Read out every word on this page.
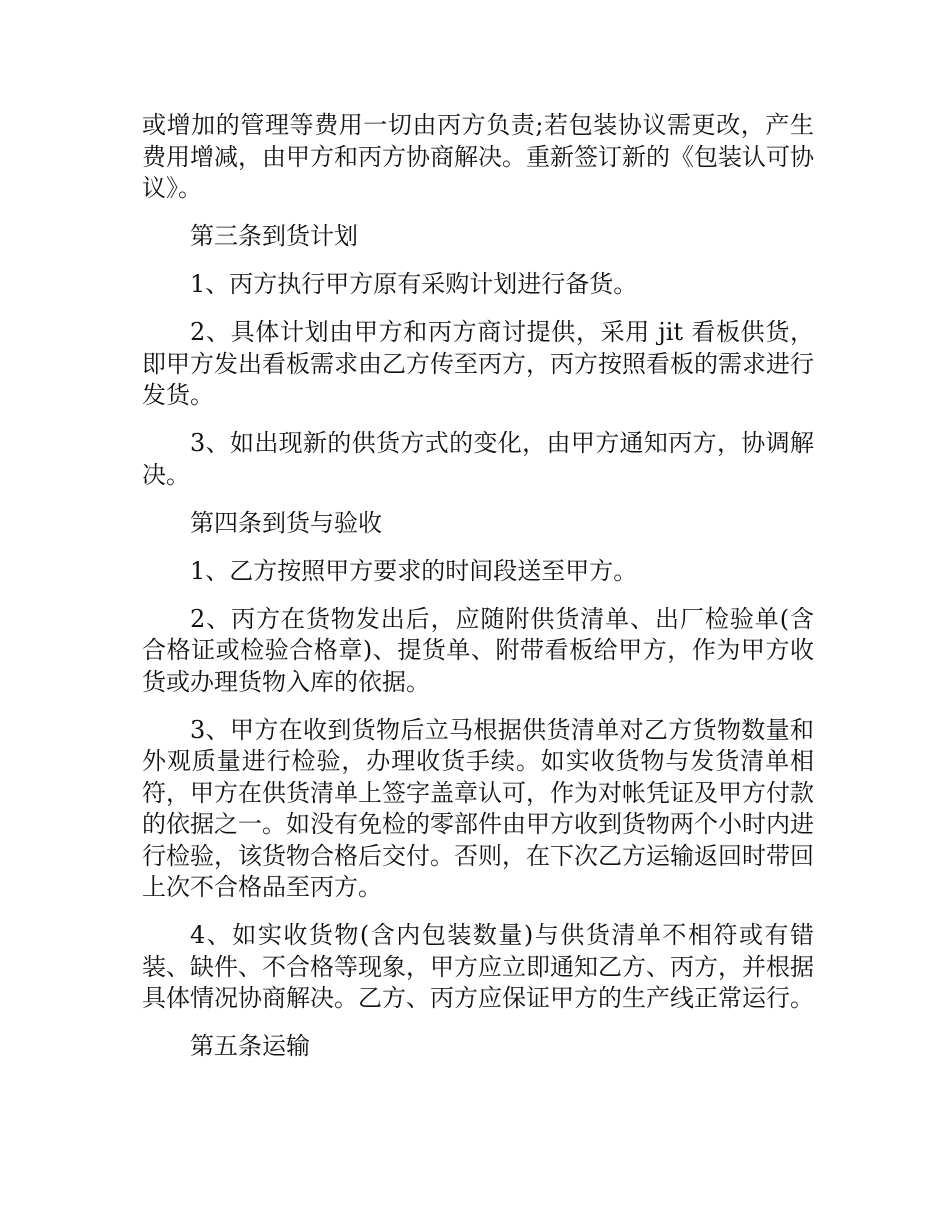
或增加的管理等费用一切由丙方负责;若包装协议需更改，产生费用增减，由甲方和丙方协商解决。重新签订新的《包装认可协议》。

第三条到货计划

1、丙方执行甲方原有采购计划进行备货。

2、具体计划由甲方和丙方商讨提供，采用 jit 看板供货，即甲方发出看板需求由乙方传至丙方，丙方按照看板的需求进行发货。

3、如出现新的供货方式的变化，由甲方通知丙方，协调解决。

第四条到货与验收

1、乙方按照甲方要求的时间段送至甲方。

2、丙方在货物发出后，应随附供货清单、出厂检验单(含合格证或检验合格章)、提货单、附带看板给甲方，作为甲方收货或办理货物入库的依据。

3、甲方在收到货物后立马根据供货清单对乙方货物数量和外观质量进行检验，办理收货手续。如实收货物与发货清单相符，甲方在供货清单上签字盖章认可，作为对帐凭证及甲方付款的依据之一。如没有免检的零部件由甲方收到货物两个小时内进行检验，该货物合格后交付。否则，在下次乙方运输返回时带回上次不合格品至丙方。

4、如实收货物(含内包装数量)与供货清单不相符或有错装、缺件、不合格等现象，甲方应立即通知乙方、丙方，并根据具体情况协商解决。乙方、丙方应保证甲方的生产线正常运行。

第五条运输
